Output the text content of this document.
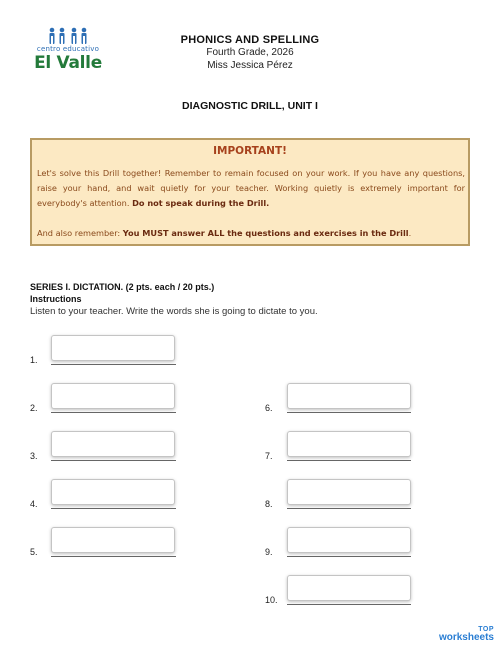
centro educativo
El Valle
PHONICS AND SPELLING
Fourth Grade, 2026
Miss Jessica Pérez
DIAGNOSTIC DRILL, UNIT I
IMPORTANT!
Let's solve this Drill together! Remember to remain focused on your work. If you have any questions, raise your hand, and wait quietly for your teacher. Working quietly is extremely important for everybody's attention. Do not speak during the Drill.
And also remember: You MUST answer ALL the questions and exercises in the Drill.
SERIES I. DICTATION. (2 pts. each / 20 pts.)
Instructions
Listen to your teacher. Write the words she is going to dictate to you.
1.
2.
3.
4.
5.
6.
7.
8.
9.
10.
TOP
worksheets
